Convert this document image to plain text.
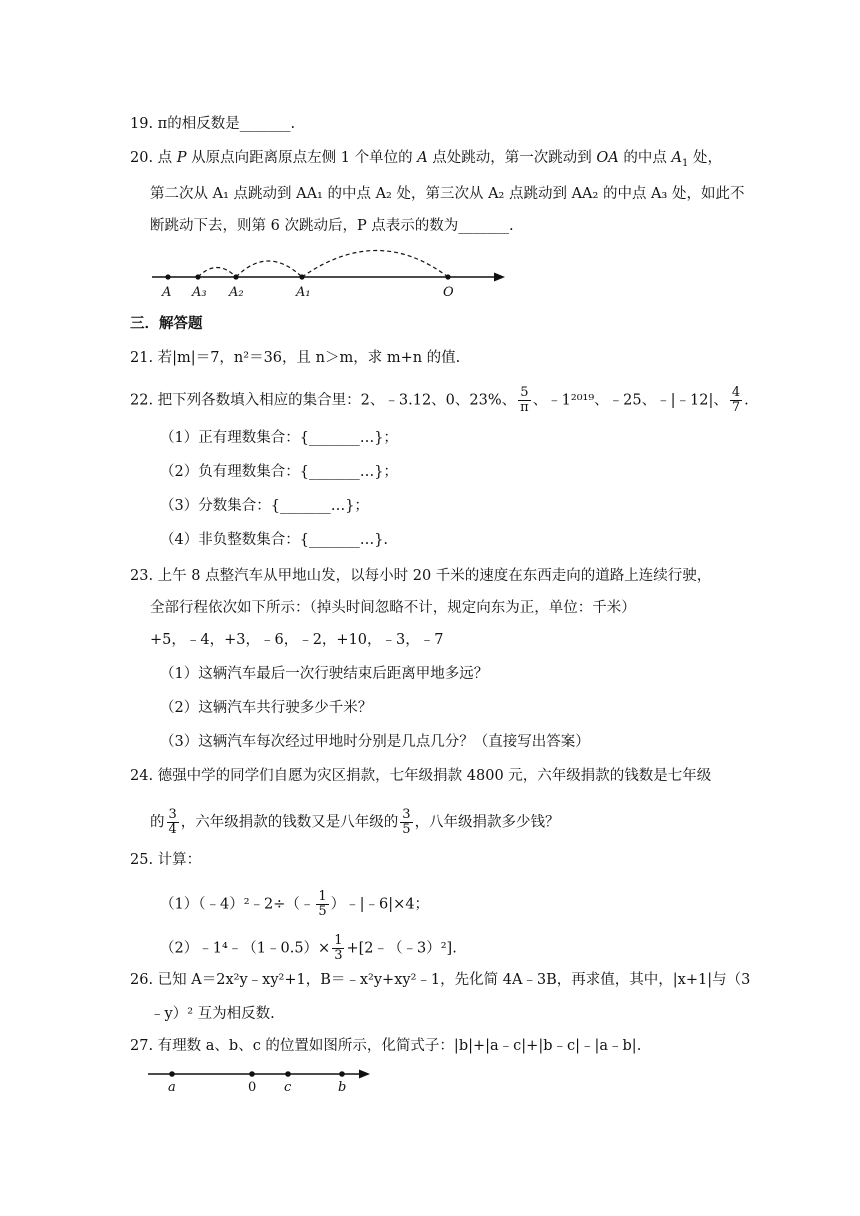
19. π的相反数是_______.
20. 点 P 从原点向距离原点左侧 1 个单位的 A 点处跳动，第一次跳动到 OA 的中点 $A_1$ 处，
第二次从 A₁ 点跳动到 AA₁ 的中点 A₂ 处，第三次从 A₂ 点跳动到 AA₂ 的中点 A₃ 处，如此不
断跳动下去，则第 6 次跳动后，P 点表示的数为_______.
A A₃ A₂	A₁	O
三．解答题
21. 若|m|＝7，n²＝36，且 n＞m，求 m+n 的值.
22. 把下列各数填入相应的集合里：2、﹣3.12、0、23%、 $\frac{5}{\pi}$ 、﹣1²⁰¹⁹、﹣25、﹣|﹣12|、 $\frac{4}{7}$ .
（1）正有理数集合：{_______…}；
（2）负有理数集合：{_______…}；
（3）分数集合：{_______…}；
（4）非负整数集合：{_______…}.
23. 上午 8 点整汽车从甲地山发，以每小时 20 千米的速度在东西走向的道路上连续行驶，
全部行程依次如下所示：（掉头时间忽略不计，规定向东为正，单位：千米）
+5，﹣4，+3，﹣6，﹣2，+10，﹣3，﹣7
（1）这辆汽车最后一次行驶结束后距离甲地多远？
（2）这辆汽车共行驶多少千米？
（3）这辆汽车每次经过甲地时分别是几点几分？（直接写出答案）
24. 德强中学的同学们自愿为灾区捐款，七年级捐款 4800 元，六年级捐款的钱数是七年级
的 $\frac{3}{4}$ ，六年级捐款的钱数又是八年级的 $\frac{3}{5}$ ，八年级捐款多少钱？
25. 计算：
（1）（﹣4）²﹣2÷（﹣ $\frac{1}{5}$ ）﹣|﹣6|×4；
（2）﹣1⁴﹣（1﹣0.5）× $\frac{1}{3}$ +[2﹣（﹣3）²].
26. 已知 A＝2x²y﹣xy²+1，B＝﹣x²y+xy²﹣1，先化简 4A﹣3B，再求值，其中，|x+1|与（3
﹣y）² 互为相反数.
27. 有理数 a、b、c 的位置如图所示，化简式子：|b|+|a﹣c|+|b﹣c|﹣|a﹣b|.
a	0 c	b
